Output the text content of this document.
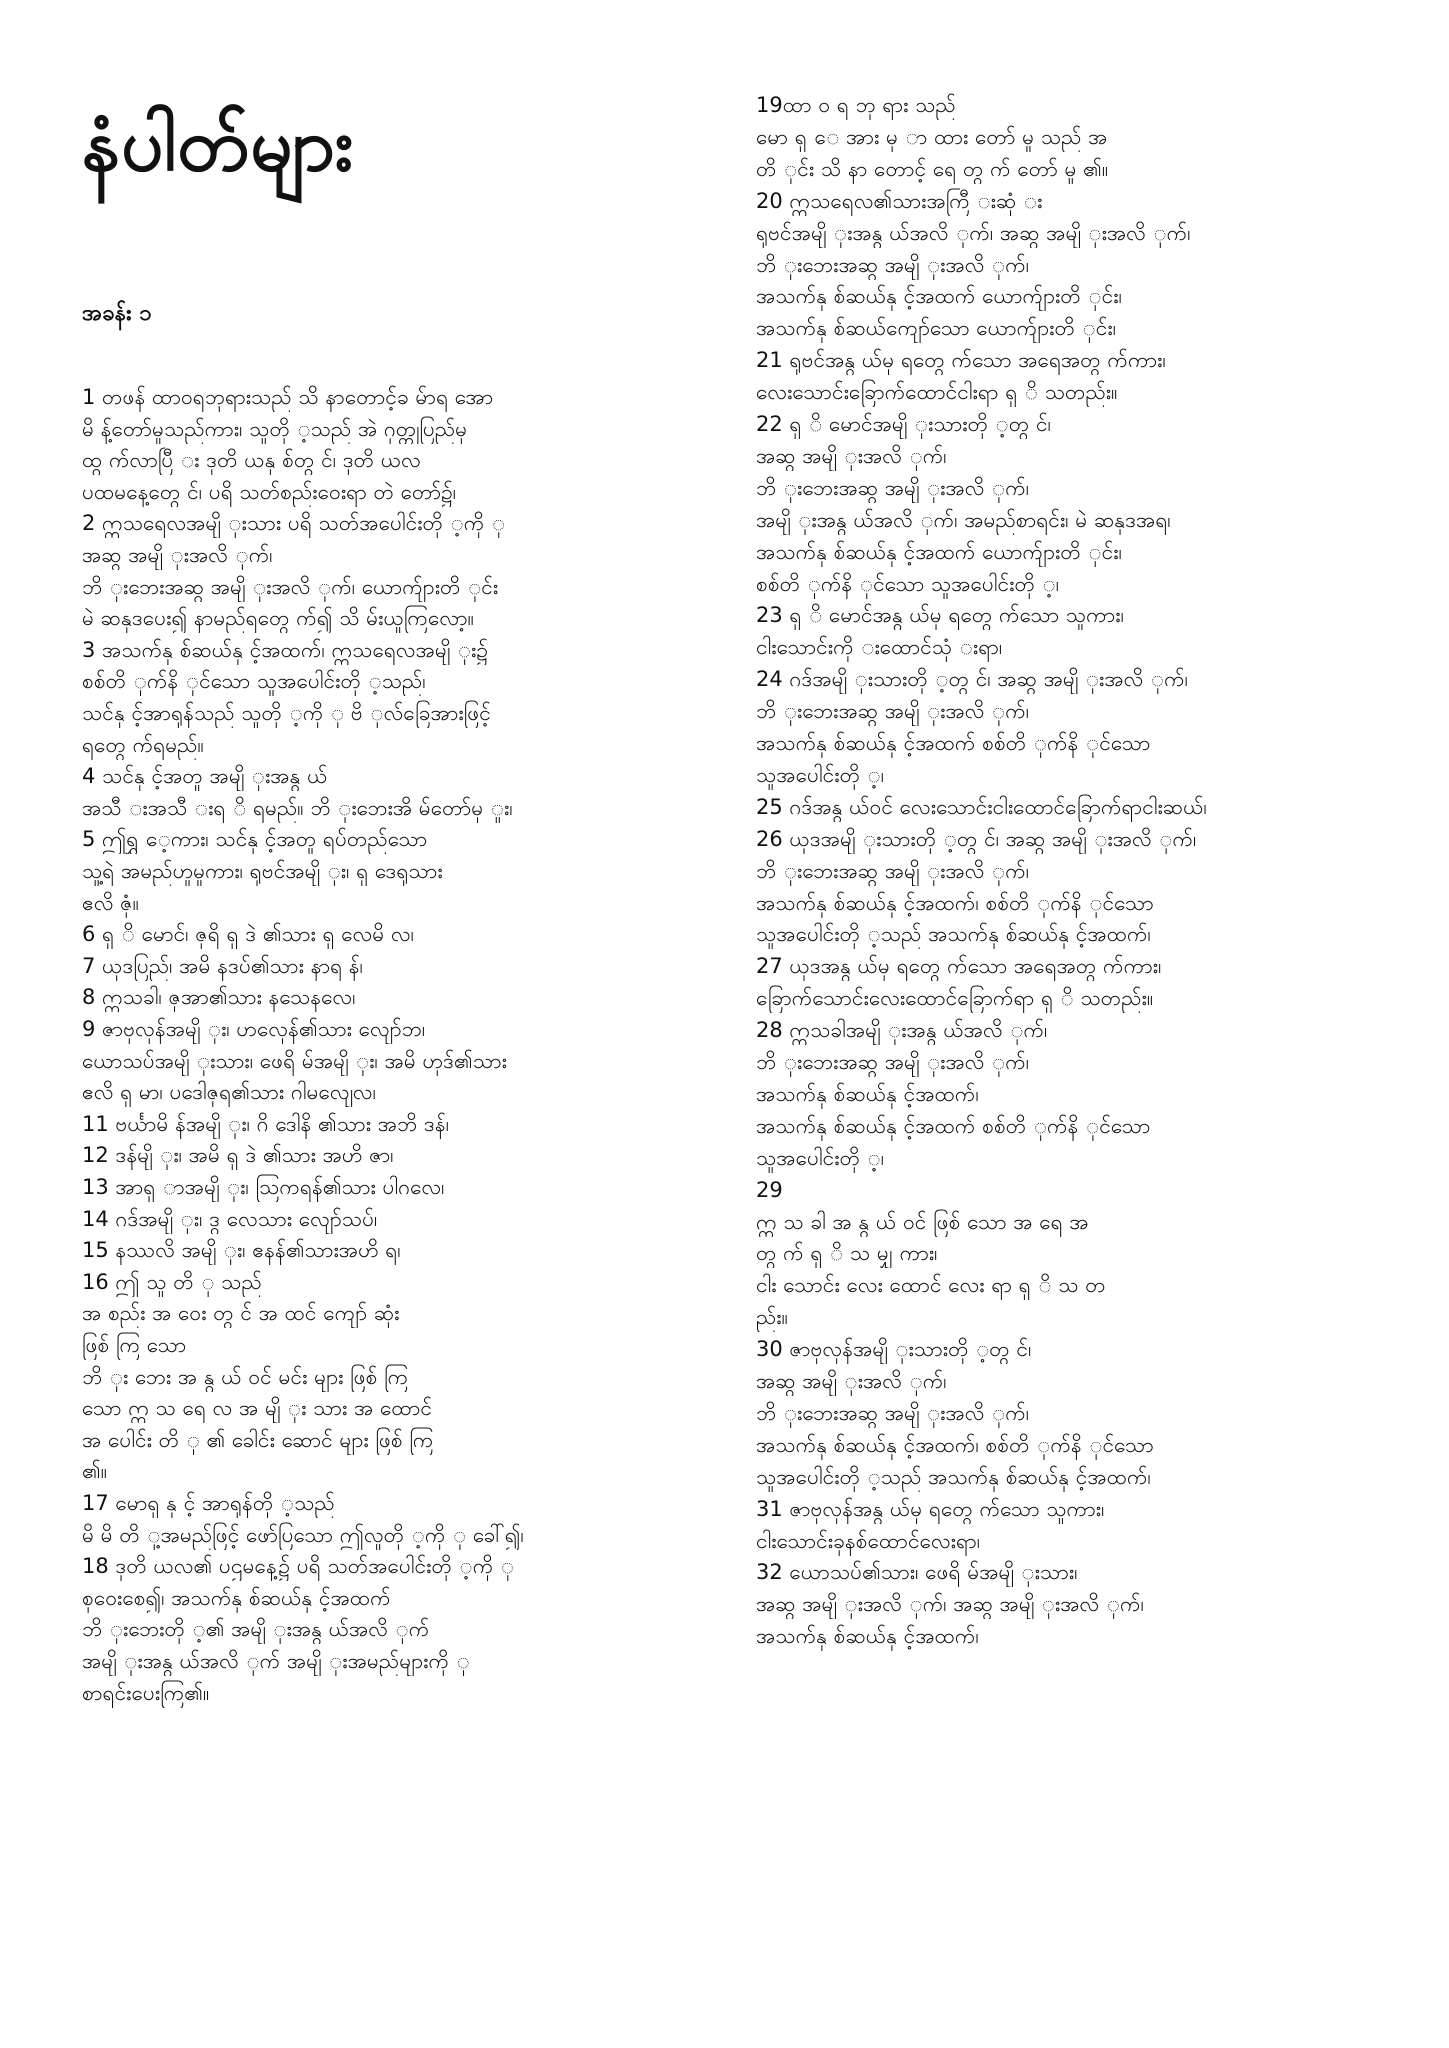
နံပါတ်များ
အခန်း ၁
1 တဖန် ထာဝရဘုရားသည် သိ နာတောင့်ခ မ်ာရ အော
မိ န့်တော်မူသည်ကား၊ သူတို ့သည် အဲ ဂုတ္တုပြည်မှ
ထွ က်လာပြီ း ဒုတိ ယနှ စ်တွ င်၊ ဒုတိ ယလ
ပထမနေ့တွေ င်၊ ပရိ သတ်စည်းဝေးရာ တဲ တော်၌၊
2 ဣသရေလအမျိ ုးသား ပရိ သတ်အပေါင်းတို ့ကို ု
အဆွ အမျိ ုးအလိ ုက်၊
ဘိ ုးဘေးအဆွ အမျိ ုးအလိ ုက်၊ ယောက်ျားတိ ုင်း
မဲ ဆနုဒပေး၍ နာမည်ရတွေ က်၍ သိ မ်းယူကြလော့။
3 အသက်နှ စ်ဆယ်နှ င့်အထက်၊ ဣသရေလအမျိ ုး၌
စစ်တိ ုက်နိ ုင်သော သူအပေါင်းတို ့သည်၊
သင်နှ င့်အာရုန်သည် သူတို ့ကို ု ဗိ ုလ်ခြေအားဖြင့်
ရတွေ က်ရမည်။
4 သင်နှ င့်အတူ အမျိ ုးအနွ ယ်
အသီ းအသီ းရ ိ ရမည်။ ဘိ ုးဘေးအိ မ်တော်မှ ူး၊
5 ဤရွှ ေ့ကား၊ သင်နှ င့်အတူ ရပ်တည်သော
သူ့ရဲ အမည်ဟူမူကား၊ ရုဗင်အမျိ ုး၊ ရှ ဒေရုသား
ဧလိ ဇုံ။
6 ရှ ိ မောင်၊ ဇုရိ ရှ ဒဲ ၏သား ရှ လေမိ လ၊
7 ယုဒပြည်၊ အမိ နဒပ်၏သား နာရ န်၊
8 ဣသခါ၊ ဇုအာ၏သား နသေနလေ၊
9 ဇာဗုလုန်အမျိ ုး၊ ဟလေုန်၏သား လျော်ဘ၊
ယောသပ်အမျိ ုးသား၊ ဖေရိ မ်အမျိ ုး၊ အမိ ဟုဒ်၏သား
ဧလိ ရှ မာ၊ ပဒေါဇုရ၏သား ဂါမလျေလ၊
11 ဗင်္ယာမိ န်အမျိ ုး၊ ဂိ ဒေါနိ ၏သား အဘိ ဒန်၊
12 ဒန်မျိ ုး၊ အမိ ရှ ဒဲ ၏သား အဟိ ဇာ၊
13 အာရှ ာအမျိ ုး၊ ဩကရန်၏သား ပါဂလေ၊
14 ဂဒ်အမျိ ုး၊ ဒွ လေသား လျော်သပ်၊
15 နဿလိ အမျိ ုး၊ ဧနန်၏သားအဟိ ရ၊
16 ဤ သူ တိ ု သည်
အ စည်း အ ဝေး တွ င် အ ထင် ကျော် ဆုံး
ဖြစ် ကြ သော
ဘိ ုး ဘေး အ နွ ယ် ဝင် မင်း များ ဖြစ် ကြ
သော ဣ သ ရေ လ အ မျိ ုး သား အ ထောင်
အ ပေါင်း တိ ု ၏ ခေါင်း ဆောင် များ ဖြစ် ကြ
၏။
17 မောရှ နှ င့် အာရုန်တို ့သည်
မိ မိ တိ ု့အမည်ဖြင့် ဖော်ပြသော ဤလူတို ့ကို ု ခေါ်၍၊
18 ဒုတိ ယလ၏ ပဌမနေ့၌ ပရိ သတ်အပေါင်းတို ့ကို ု
စုဝေးစေ၍၊ အသက်နှ စ်ဆယ်နှ င့်အထက်
ဘိ ုးဘေးတို ့၏ အမျိ ုးအနွ ယ်အလိ ုက်
အမျိ ုးအနွ ယ်အလိ ုက် အမျိ ုးအမည်များကို ု
စာရင်းပေးကြ၏။
19ထာ ဝ ရ ဘု ရား သည်
မော ရှ ေ အား မှ ာ ထား တော် မူ သည် အ
တိ ုင်း သိ နာ တောင့် ရေ တွ က် တော် မူ ၏။
20 ဣသရေလ၏သားအကြီ းဆုံ း
ရုဗင်အမျိ ုးအနွ ယ်အလိ ုက်၊ အဆွ အမျိ ုးအလိ ုက်၊
ဘိ ုးဘေးအဆွ အမျိ ုးအလိ ုက်၊
အသက်နှ စ်ဆယ်နှ င့်အထက် ယောက်ျားတိ ုင်း၊
အသက်နှ စ်ဆယ်ကျော်သော ယောက်ျားတိ ုင်း၊
21 ရုဗင်အနွ ယ်မှ ရတွေ က်သော အရေအတွ က်ကား၊
လေးသောင်းခြောက်ထောင်ငါးရာ ရှ ိ သတည်း။
22 ရှ ိ မောင်အမျိ ုးသားတို ့တွ င်၊
အဆွ အမျိ ုးအလိ ုက်၊
ဘိ ုးဘေးအဆွ အမျိ ုးအလိ ုက်၊
အမျိ ုးအနွ ယ်အလိ ုက်၊ အမည်စာရင်း၊ မဲ ဆနုဒအရ၊
အသက်နှ စ်ဆယ်နှ င့်အထက် ယောက်ျားတိ ုင်း၊
စစ်တိ ုက်နိ ုင်သော သူအပေါင်းတို ့၊
23 ရှ ိ မောင်အနွ ယ်မှ ရတွေ က်သော သူကား၊
ငါးသောင်းကို းထောင်သုံ းရာ၊
24 ဂဒ်အမျိ ုးသားတို ့တွ င်၊ အဆွ အမျိ ုးအလိ ုက်၊
ဘိ ုးဘေးအဆွ အမျိ ုးအလိ ုက်၊
အသက်နှ စ်ဆယ်နှ င့်အထက် စစ်တိ ုက်နိ ုင်သော
သူအပေါင်းတို ့၊
25 ဂဒ်အနွ ယ်ဝင် လေးသောင်းငါးထောင်ခြောက်ရာငါးဆယ်၊
26 ယုဒအမျိ ုးသားတို ့တွ င်၊ အဆွ အမျိ ုးအလိ ုက်၊
ဘိ ုးဘေးအဆွ အမျိ ုးအလိ ုက်၊
အသက်နှ စ်ဆယ်နှ င့်အထက်၊ စစ်တိ ုက်နိ ုင်သော
သူအပေါင်းတို ့သည် အသက်နှ စ်ဆယ်နှ င့်အထက်၊
27 ယုဒအနွ ယ်မှ ရတွေ က်သော အရေအတွ က်ကား၊
ခြောက်သောင်းလေးထောင်ခြောက်ရာ ရှ ိ သတည်း။
28 ဣသခါအမျိ ုးအနွ ယ်အလိ ုက်၊
ဘိ ုးဘေးအဆွ အမျိ ုးအလိ ုက်၊
အသက်နှ စ်ဆယ်နှ င့်အထက်၊
အသက်နှ စ်ဆယ်နှ င့်အထက် စစ်တိ ုက်နိ ုင်သော
သူအပေါင်းတို ့၊
29
ဣ သ ခါ အ နွ ယ် ဝင် ဖြစ် သော အ ရေ အ
တွ က် ရှ ိ သ မျှ ကား၊
ငါး သောင်း လေး ထောင် လေး ရာ ရှ ိ သ တ
ည်း။
30 ဇာဗုလုန်အမျိ ုးသားတို ့တွ င်၊
အဆွ အမျိ ုးအလိ ုက်၊
ဘိ ုးဘေးအဆွ အမျိ ုးအလိ ုက်၊
အသက်နှ စ်ဆယ်နှ င့်အထက်၊ စစ်တိ ုက်နိ ုင်သော
သူအပေါင်းတို ့သည် အသက်နှ စ်ဆယ်နှ င့်အထက်၊
31 ဇာဗုလုန်အနွ ယ်မှ ရတွေ က်သော သူကား၊
ငါးသောင်းခုနစ်ထောင်လေးရာ၊
32 ယောသပ်၏သား၊ ဖေရိ မ်အမျိ ုးသား၊
အဆွ အမျိ ုးအလိ ုက်၊ အဆွ အမျိ ုးအလိ ုက်၊
အသက်နှ စ်ဆယ်နှ င့်အထက်၊
